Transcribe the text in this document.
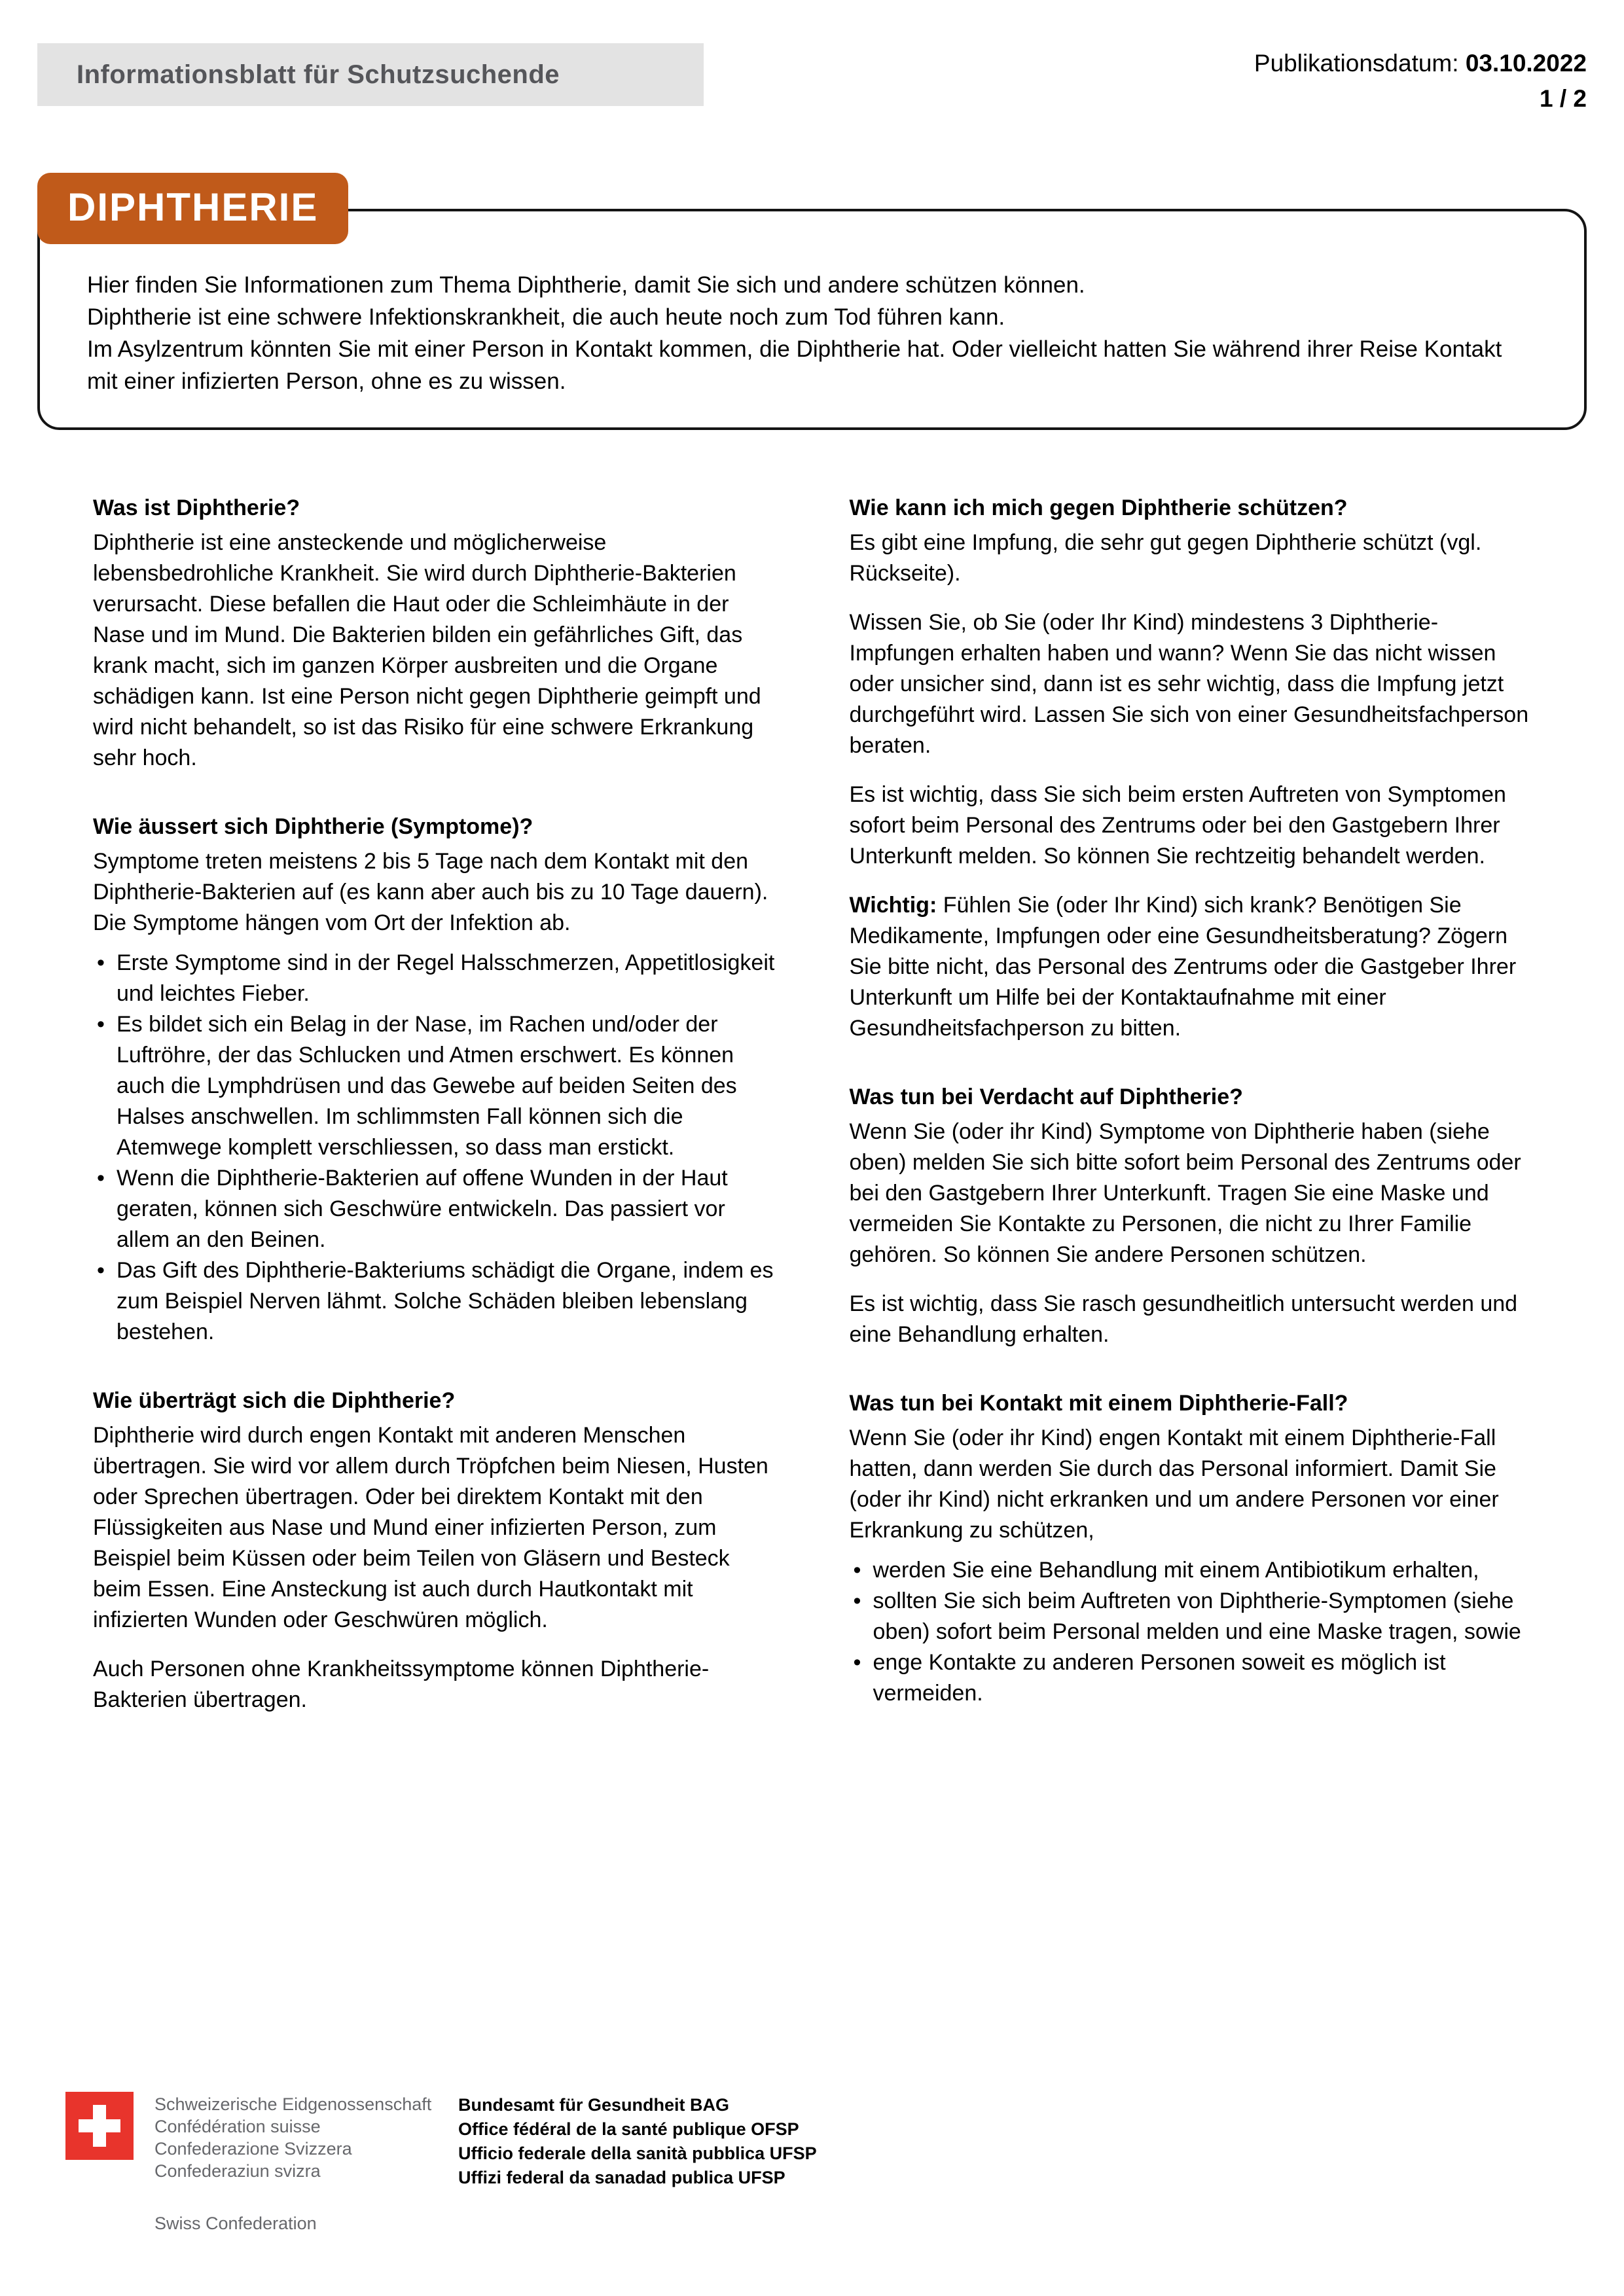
Informationsblatt für Schutzsuchende	Publikationsdatum: 03.10.2022
1 / 2
DIPHTHERIE

Hier finden Sie Informationen zum Thema Diphtherie, damit Sie sich und andere schützen können.

Diphtherie ist eine schwere Infektionskrankheit, die auch heute noch zum Tod führen kann.

Im Asylzentrum könnten Sie mit einer Person in Kontakt kommen, die Diphtherie hat. Oder vielleicht hatten Sie während ihrer Reise Kontakt mit einer infizierten Person, ohne es zu wissen.

Was ist Diphtherie?

Diphtherie ist eine ansteckende und möglicherweise lebensbedrohliche Krankheit. Sie wird durch Diphtherie-Bakterien verursacht. Diese befallen die Haut oder die Schleimhäute in der Nase und im Mund. Die Bakterien bilden ein gefährliches Gift, das krank macht, sich im ganzen Körper ausbreiten und die Organe schädigen kann. Ist eine Person nicht gegen Diphtherie geimpft und wird nicht behandelt, so ist das Risiko für eine schwere Erkrankung sehr hoch.

Wie äussert sich Diphtherie (Symptome)?

Symptome treten meistens 2 bis 5 Tage nach dem Kontakt mit den Diphtherie-Bakterien auf (es kann aber auch bis zu 10 Tage dauern). Die Symptome hängen vom Ort der Infektion ab.

• Erste Symptome sind in der Regel Halsschmerzen, Appetitlosigkeit und leichtes Fieber.
• Es bildet sich ein Belag in der Nase, im Rachen und/oder der Luftröhre, der das Schlucken und Atmen erschwert. Es können auch die Lymphdrüsen und das Gewebe auf beiden Seiten des Halses anschwellen. Im schlimmsten Fall können sich die Atemwege komplett verschliessen, so dass man erstickt.
• Wenn die Diphtherie-Bakterien auf offene Wunden in der Haut geraten, können sich Geschwüre entwickeln. Das passiert vor allem an den Beinen.
• Das Gift des Diphtherie-Bakteriums schädigt die Organe, indem es zum Beispiel Nerven lähmt. Solche Schäden bleiben lebenslang bestehen.
Wie überträgt sich die Diphtherie?

Diphtherie wird durch engen Kontakt mit anderen Menschen übertragen. Sie wird vor allem durch Tröpfchen beim Niesen, Husten oder Sprechen übertragen. Oder bei direktem Kontakt mit den Flüssigkeiten aus Nase und Mund einer infizierten Person, zum Beispiel beim Küssen oder beim Teilen von Gläsern und Besteck beim Essen. Eine Ansteckung ist auch durch Hautkontakt mit infizierten Wunden oder Geschwüren möglich.

Auch Personen ohne Krankheitssymptome können Diphtherie-Bakterien übertragen.

Wie kann ich mich gegen Diphtherie schützen?

Es gibt eine Impfung, die sehr gut gegen Diphtherie schützt (vgl. Rückseite).

Wissen Sie, ob Sie (oder Ihr Kind) mindestens 3 Diphtherie-Impfungen erhalten haben und wann? Wenn Sie das nicht wissen oder unsicher sind, dann ist es sehr wichtig, dass die Impfung jetzt durchgeführt wird. Lassen Sie sich von einer Gesundheitsfachperson beraten.

Es ist wichtig, dass Sie sich beim ersten Auftreten von Symptomen sofort beim Personal des Zentrums oder bei den Gastgebern Ihrer Unterkunft melden. So können Sie rechtzeitig behandelt werden.

Wichtig: Fühlen Sie (oder Ihr Kind) sich krank? Benötigen Sie Medikamente, Impfungen oder eine Gesundheitsberatung? Zögern Sie bitte nicht, das Personal des Zentrums oder die Gastgeber Ihrer Unterkunft um Hilfe bei der Kontaktaufnahme mit einer Gesundheitsfachperson zu bitten.

Was tun bei Verdacht auf Diphtherie?

Wenn Sie (oder ihr Kind) Symptome von Diphtherie haben (siehe oben) melden Sie sich bitte sofort beim Personal des Zentrums oder bei den Gastgebern Ihrer Unterkunft. Tragen Sie eine Maske und vermeiden Sie Kontakte zu Personen, die nicht zu Ihrer Familie gehören. So können Sie andere Personen schützen.

Es ist wichtig, dass Sie rasch gesundheitlich untersucht werden und eine Behandlung erhalten.

Was tun bei Kontakt mit einem Diphtherie-Fall?

Wenn Sie (oder ihr Kind) engen Kontakt mit einem Diphtherie-Fall hatten, dann werden Sie durch das Personal informiert. Damit Sie (oder ihr Kind) nicht erkranken und um andere Personen vor einer Erkrankung zu schützen,

• werden Sie eine Behandlung mit einem Antibiotikum erhalten,
• sollten Sie sich beim Auftreten von Diphtherie-Symptomen (siehe oben) sofort beim Personal melden und eine Maske tragen, sowie
• enge Kontakte zu anderen Personen soweit es möglich ist vermeiden.
Schweizerische Eidgenossenschaft
Confédération suisse
Confederazione Svizzera
Confederaziun svizra
Bundesamt für Gesundheit BAG
Office fédéral de la santé publique OFSP
Ufficio federale della sanità pubblica UFSP
Uffizi federal da sanadad publica UFSP
Swiss Confederation
